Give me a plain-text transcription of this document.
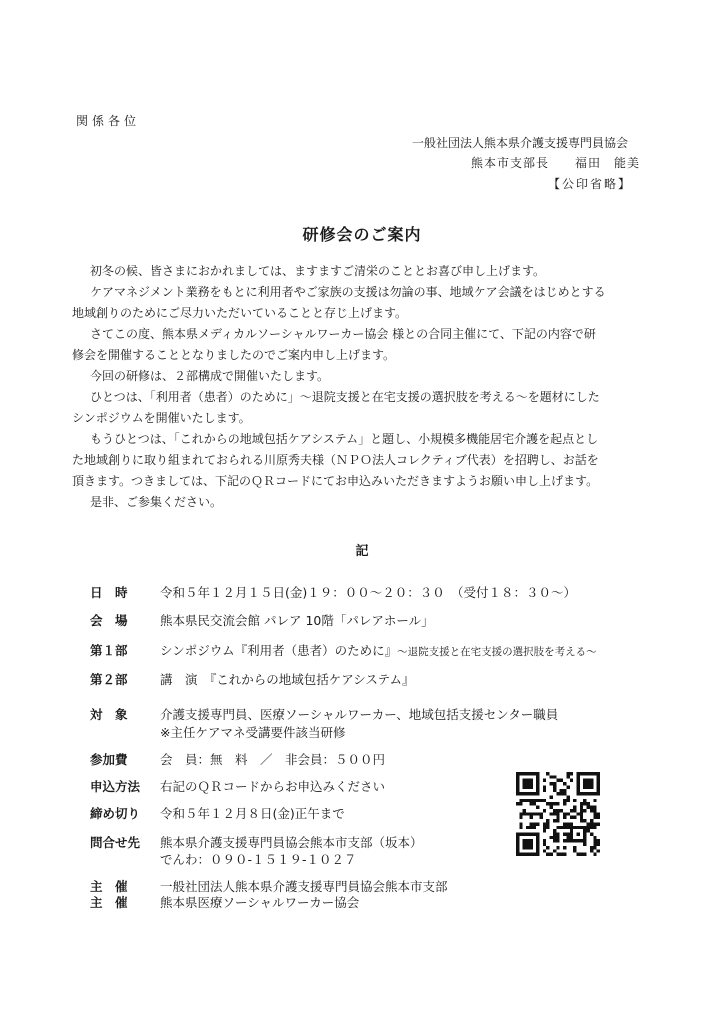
関係各位
一般社団法人熊本県介護支援専門員協会
熊本市支部長　　福田　能美
【公印省略】
研修会のご案内
初冬の候、皆さまにおかれましては、ますますご清栄のこととお喜び申し上げます。
ケアマネジメント業務をもとに利用者やご家族の支援は勿論の事、地域ケア会議をはじめとする
地域創りのためにご尽力いただいていることと存じ上げます。
さてこの度、熊本県メディカルソーシャルワーカー協会 様との合同主催にて、下記の内容で研
修会を開催することとなりましたのでご案内申し上げます。
今回の研修は、２部構成で開催いたします。
ひとつは、「利用者（患者）のために」～退院支援と在宅支援の選択肢を考える～を題材にした
シンポジウムを開催いたします。
もうひとつは、「これからの地域包括ケアシステム」と題し、小規模多機能居宅介護を起点とし
た地域創りに取り組まれておられる川原秀夫様（ＮＰＯ法人コレクティブ代表）を招聘し、お話を
頂きます。つきましては、下記のＱＲコードにてお申込みいただきますようお願い申し上げます。
是非、ご参集ください。
記
日　時	令和５年１２月１５日(金)１９：００～２０：３０　（受付１８：３０～）
会　場	熊本県民交流会館 パレア 10階「パレアホール」
第１部	シンポジウム『利用者（患者）のために』～退院支援と在宅支援の選択肢を考える～
第２部	講　演　『これからの地域包括ケアシステム』
対　象	介護支援専門員、医療ソーシャルワーカー、地域包括支援センター職員
※主任ケアマネ受講要件該当研修
参加費	会　員：無　料　／　非会員：５００円
申込方法 右記のＱＲコードからお申込みください
締め切り 令和５年１２月８日(金)正午まで
問合せ先 熊本県介護支援専門員協会熊本市支部（坂本）
でんわ：０９０-１５１９-１０２７
主　催	一般社団法人熊本県介護支援専門員協会熊本市支部
主　催	熊本県医療ソーシャルワーカー協会
